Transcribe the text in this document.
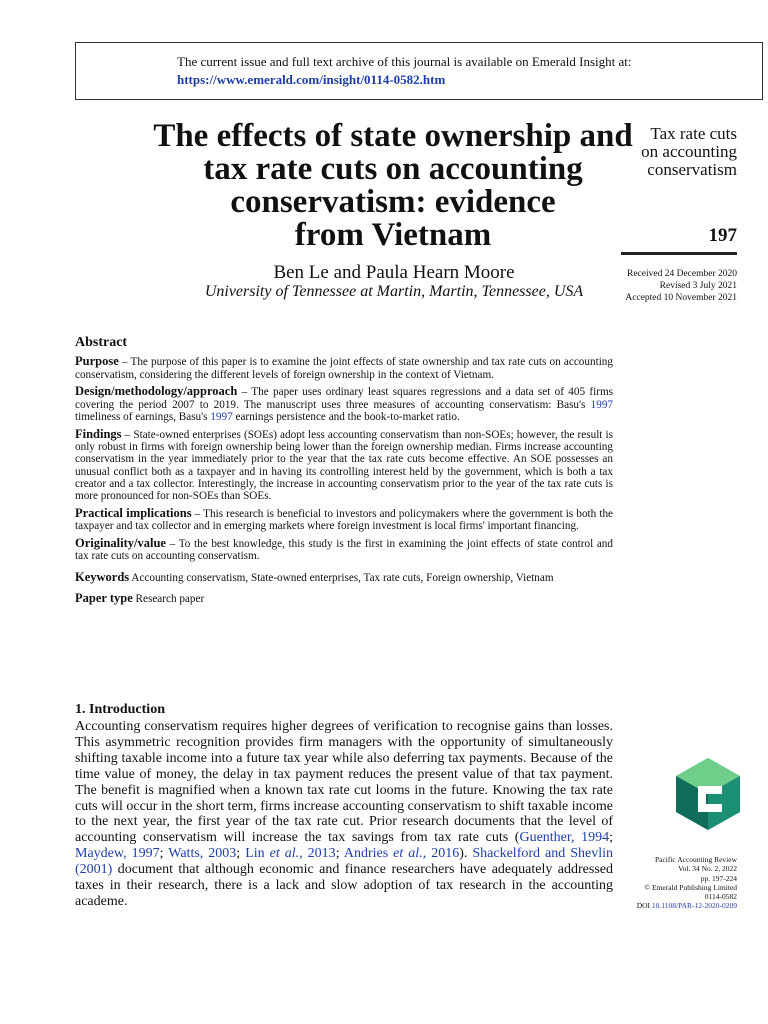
The current issue and full text archive of this journal is available on Emerald Insight at:
https://www.emerald.com/insight/0114-0582.htm
The effects of state ownership and
tax rate cuts on accounting
conservatism: evidence
from Vietnam
Ben Le and Paula Hearn Moore
University of Tennessee at Martin, Martin, Tennessee, USA
Tax rate cuts
on accounting
conservatism
197
Received 24 December 2020
Revised 3 July 2021
Accepted 10 November 2021
Abstract

Purpose – The purpose of this paper is to examine the joint effects of state ownership and tax rate cuts on accounting conservatism, considering the different levels of foreign ownership in the context of Vietnam.

Design/methodology/approach – The paper uses ordinary least squares regressions and a data set of 405 firms covering the period 2007 to 2019. The manuscript uses three measures of accounting conservatism: Basu's 1997 timeliness of earnings, Basu's 1997 earnings persistence and the book-to-market ratio.

Findings – State-owned enterprises (SOEs) adopt less accounting conservatism than non-SOEs; however, the result is only robust in firms with foreign ownership being lower than the foreign ownership median. Firms increase accounting conservatism in the year immediately prior to the year that the tax rate cuts become effective. An SOE possesses an unusual conflict both as a taxpayer and in having its controlling interest held by the government, which is both a tax creator and a tax collector. Interestingly, the increase in accounting conservatism prior to the year of the tax rate cuts is more pronounced for non-SOEs than SOEs.

Practical implications – This research is beneficial to investors and policymakers where the government is both the taxpayer and tax collector and in emerging markets where foreign investment is local firms' important financing.

Originality/value – To the best knowledge, this study is the first in examining the joint effects of state control and tax rate cuts on accounting conservatism.

Keywords Accounting conservatism, State-owned enterprises, Tax rate cuts, Foreign ownership, Vietnam

Paper type Research paper

1. Introduction

Accounting conservatism requires higher degrees of verification to recognise gains than losses. This asymmetric recognition provides firm managers with the opportunity of simultaneously shifting taxable income into a future tax year while also deferring tax payments. Because of the time value of money, the delay in tax payment reduces the present value of that tax payment. The benefit is magnified when a known tax rate cut looms in the future. Knowing the tax rate cuts will occur in the short term, firms increase accounting conservatism to shift taxable income to the next year, the first year of the tax rate cut. Prior research documents that the level of accounting conservatism will increase the tax savings from tax rate cuts (Guenther, 1994; Maydew, 1997; Watts, 2003; Lin et al., 2013; Andries et al., 2016). Shackelford and Shevlin (2001) document that although economic and finance researchers have adequately addressed taxes in their research, there is a lack and slow adoption of tax research in the accounting academe.

Pacific Accounting Review
Vol. 34 No. 2, 2022
pp. 197-224
© Emerald Publishing Limited
0114-0582
DOI 10.1108/PAR-12-2020-0209
